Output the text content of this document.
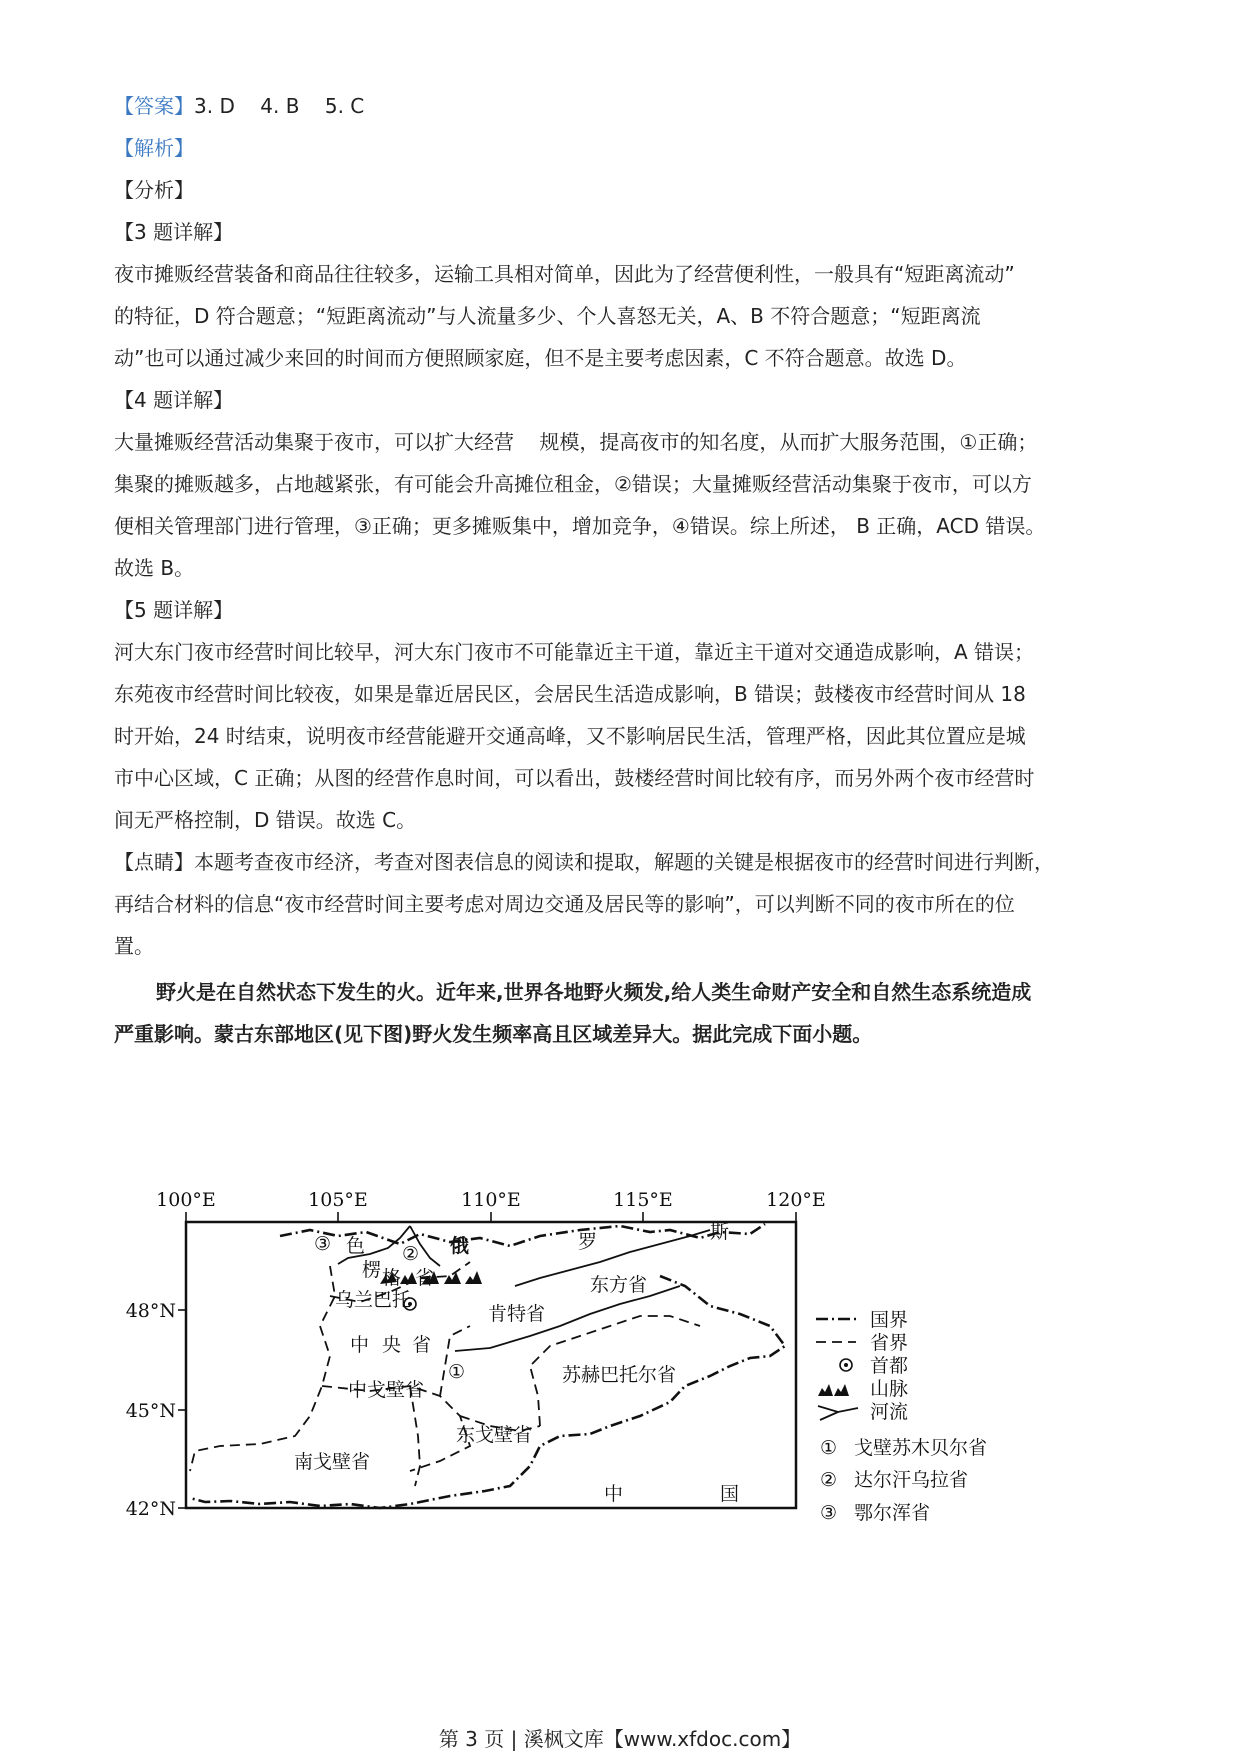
【答案】3. D    4. B    5. C
【解析】
【分析】
【3 题详解】
夜市摊贩经营装备和商品往往较多，运输工具相对简单，因此为了经营便利性，一般具有“短距离流动”
的特征，D 符合题意；“短距离流动”与人流量多少、个人喜怒无关，A、B 不符合题意；“短距离流
动”也可以通过减少来回的时间而方便照顾家庭，但不是主要考虑因素，C 不符合题意。故选 D。
【4 题详解】
大量摊贩经营活动集聚于夜市，可以扩大经营    规模，提高夜市的知名度，从而扩大服务范围，①正确；
集聚的摊贩越多，占地越紧张，有可能会升高摊位租金，②错误；大量摊贩经营活动集聚于夜市，可以方
便相关管理部门进行管理，③正确；更多摊贩集中，增加竞争，④错误。综上所述， B 正确，ACD 错误。
故选 B。
【5 题详解】
河大东门夜市经营时间比较早，河大东门夜市不可能靠近主干道，靠近主干道对交通造成影响，A 错误；
东苑夜市经营时间比较夜，如果是靠近居民区，会居民生活造成影响，B 错误；鼓楼夜市经营时间从 18
时开始，24 时结束，说明夜市经营能避开交通高峰，又不影响居民生活，管理严格，因此其位置应是城
市中心区域，C 正确；从图的经营作息时间，可以看出，鼓楼经营时间比较有序，而另外两个夜市经营时
间无严格控制，D 错误。故选 C。
【点睛】本题考查夜市经济，考查对图表信息的阅读和提取，解题的关键是根据夜市的经营时间进行判断，
再结合材料的信息“夜市经营时间主要考虑对周边交通及居民等的影响”，可以判断不同的夜市所在的位
置。
野火是在自然状态下发生的火。近年来,世界各地野火频发,给人类生命财产安全和自然生态系统造成
严重影响。蒙古东部地区(见下图)野火发生频率高且区域差异大。据此完成下面小题。
100°E	105°E	110°E	115°E	120°E
48°N
45°N
42°N
色
楞 格 省
俄	罗	斯
乌兰巴托
肯特省
东方省
中 央 省
苏赫巴托尔省
中戈壁省
东戈壁省
南戈壁省
中	国
①
②
③
国界
省界
首都
山脉
河流
① 戈壁苏木贝尔省
② 达尔汗乌拉省
③ 鄂尔浑省
第 3 页 | 溪枫文库【www.xfdoc.com】
